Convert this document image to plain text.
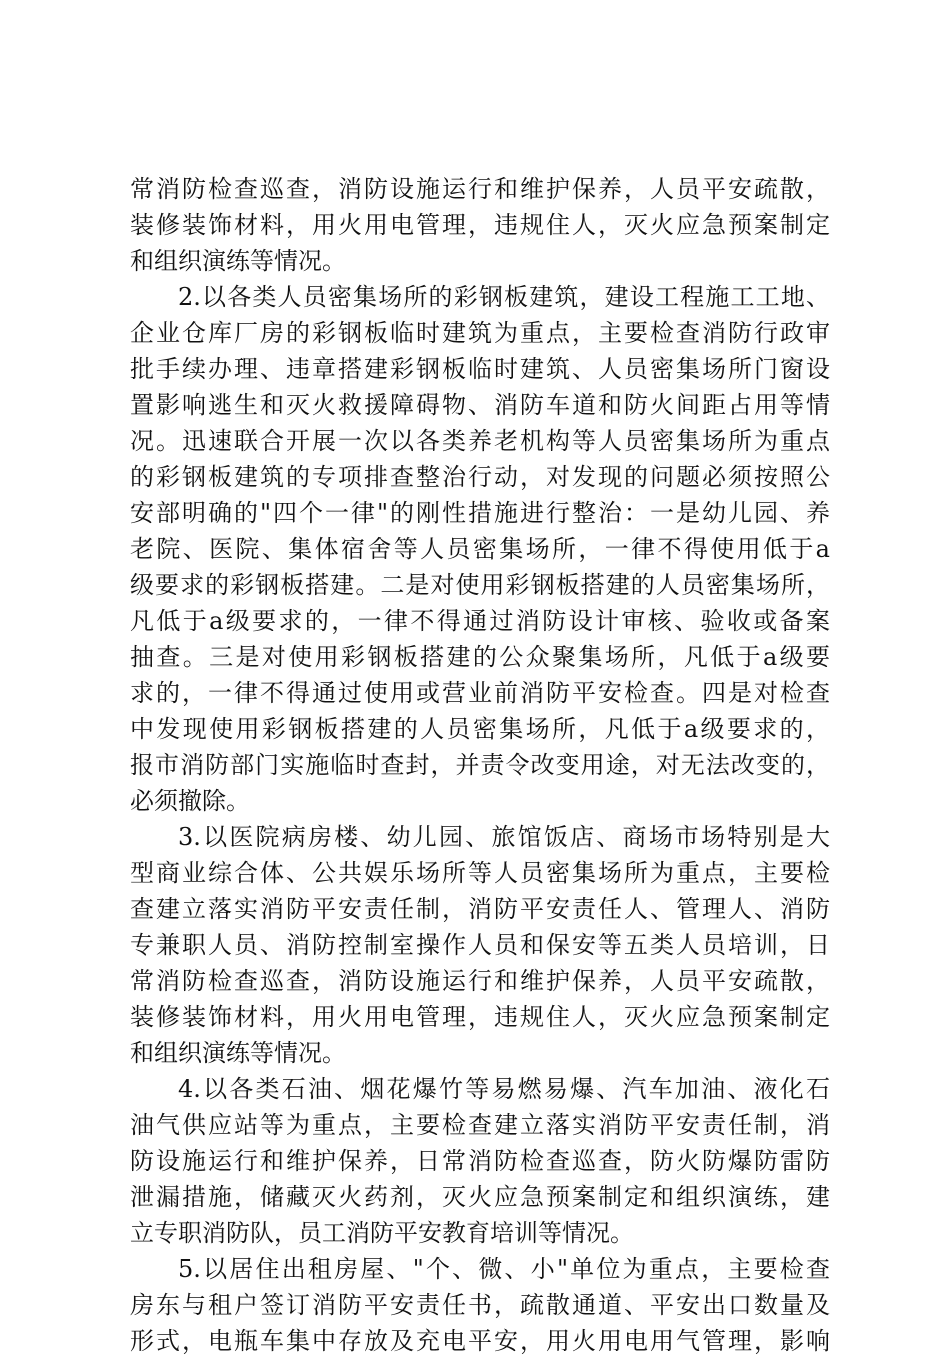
常消防检查巡查，消防设施运行和维护保养，人员平安疏散，
装修装饰材料，用火用电管理，违规住人，灭火应急预案制定
和组织演练等情况。
2.以各类人员密集场所的彩钢板建筑，建设工程施工工地、
企业仓库厂房的彩钢板临时建筑为重点，主要检查消防行政审
批手续办理、违章搭建彩钢板临时建筑、人员密集场所门窗设
置影响逃生和灭火救援障碍物、消防车道和防火间距占用等情
况。迅速联合开展一次以各类养老机构等人员密集场所为重点
的彩钢板建筑的专项排查整治行动，对发现的问题必须按照公
安部明确的"四个一律"的刚性措施进行整治：一是幼儿园、养
老院、医院、集体宿舍等人员密集场所，一律不得使用低于a
级要求的彩钢板搭建。二是对使用彩钢板搭建的人员密集场所，
凡低于a级要求的，一律不得通过消防设计审核、验收或备案
抽查。三是对使用彩钢板搭建的公众聚集场所，凡低于a级要
求的，一律不得通过使用或营业前消防平安检查。四是对检查
中发现使用彩钢板搭建的人员密集场所，凡低于a级要求的，
报市消防部门实施临时查封，并责令改变用途，对无法改变的，
必须撤除。
3.以医院病房楼、幼儿园、旅馆饭店、商场市场特别是大
型商业综合体、公共娱乐场所等人员密集场所为重点，主要检
查建立落实消防平安责任制，消防平安责任人、管理人、消防
专兼职人员、消防控制室操作人员和保安等五类人员培训，日
常消防检查巡查，消防设施运行和维护保养，人员平安疏散，
装修装饰材料，用火用电管理，违规住人，灭火应急预案制定
和组织演练等情况。
4.以各类石油、烟花爆竹等易燃易爆、汽车加油、液化石
油气供应站等为重点，主要检查建立落实消防平安责任制，消
防设施运行和维护保养，日常消防检查巡查，防火防爆防雷防
泄漏措施，储藏灭火药剂，灭火应急预案制定和组织演练，建
立专职消防队，员工消防平安教育培训等情况。
5.以居住出租房屋、"个、微、小"单位为重点，主要检查
房东与租户签订消防平安责任书，疏散通道、平安出口数量及
形式，电瓶车集中存放及充电平安，用火用电用气管理，影响
